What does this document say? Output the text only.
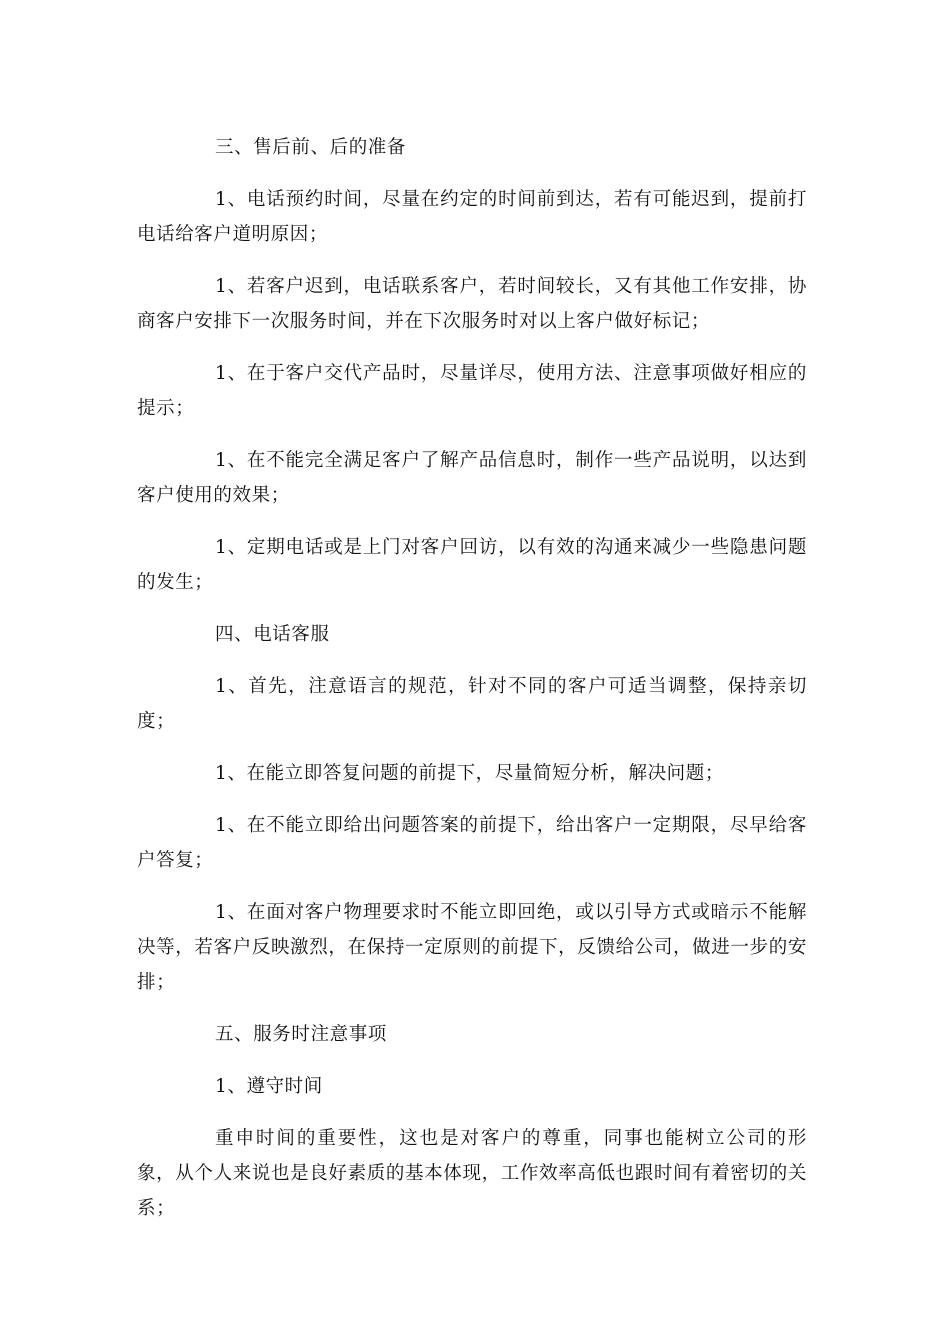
三、售后前、后的准备

1、电话预约时间，尽量在约定的时间前到达，若有可能迟到，提前打电话给客户道明原因；

1、若客户迟到，电话联系客户，若时间较长，又有其他工作安排，协商客户安排下一次服务时间，并在下次服务时对以上客户做好标记；

1、在于客户交代产品时，尽量详尽，使用方法、注意事项做好相应的提示；

1、在不能完全满足客户了解产品信息时，制作一些产品说明，以达到客户使用的效果；

1、定期电话或是上门对客户回访，以有效的沟通来减少一些隐患问题的发生；

四、电话客服

1、首先，注意语言的规范，针对不同的客户可适当调整，保持亲切度；

1、在能立即答复问题的前提下，尽量简短分析，解决问题；

1、在不能立即给出问题答案的前提下，给出客户一定期限，尽早给客户答复；

1、在面对客户物理要求时不能立即回绝，或以引导方式或暗示不能解决等，若客户反映激烈，在保持一定原则的前提下，反馈给公司，做进一步的安排；

五、服务时注意事项

1、遵守时间

重申时间的重要性，这也是对客户的尊重，同事也能树立公司的形象，从个人来说也是良好素质的基本体现，工作效率高低也跟时间有着密切的关系；
